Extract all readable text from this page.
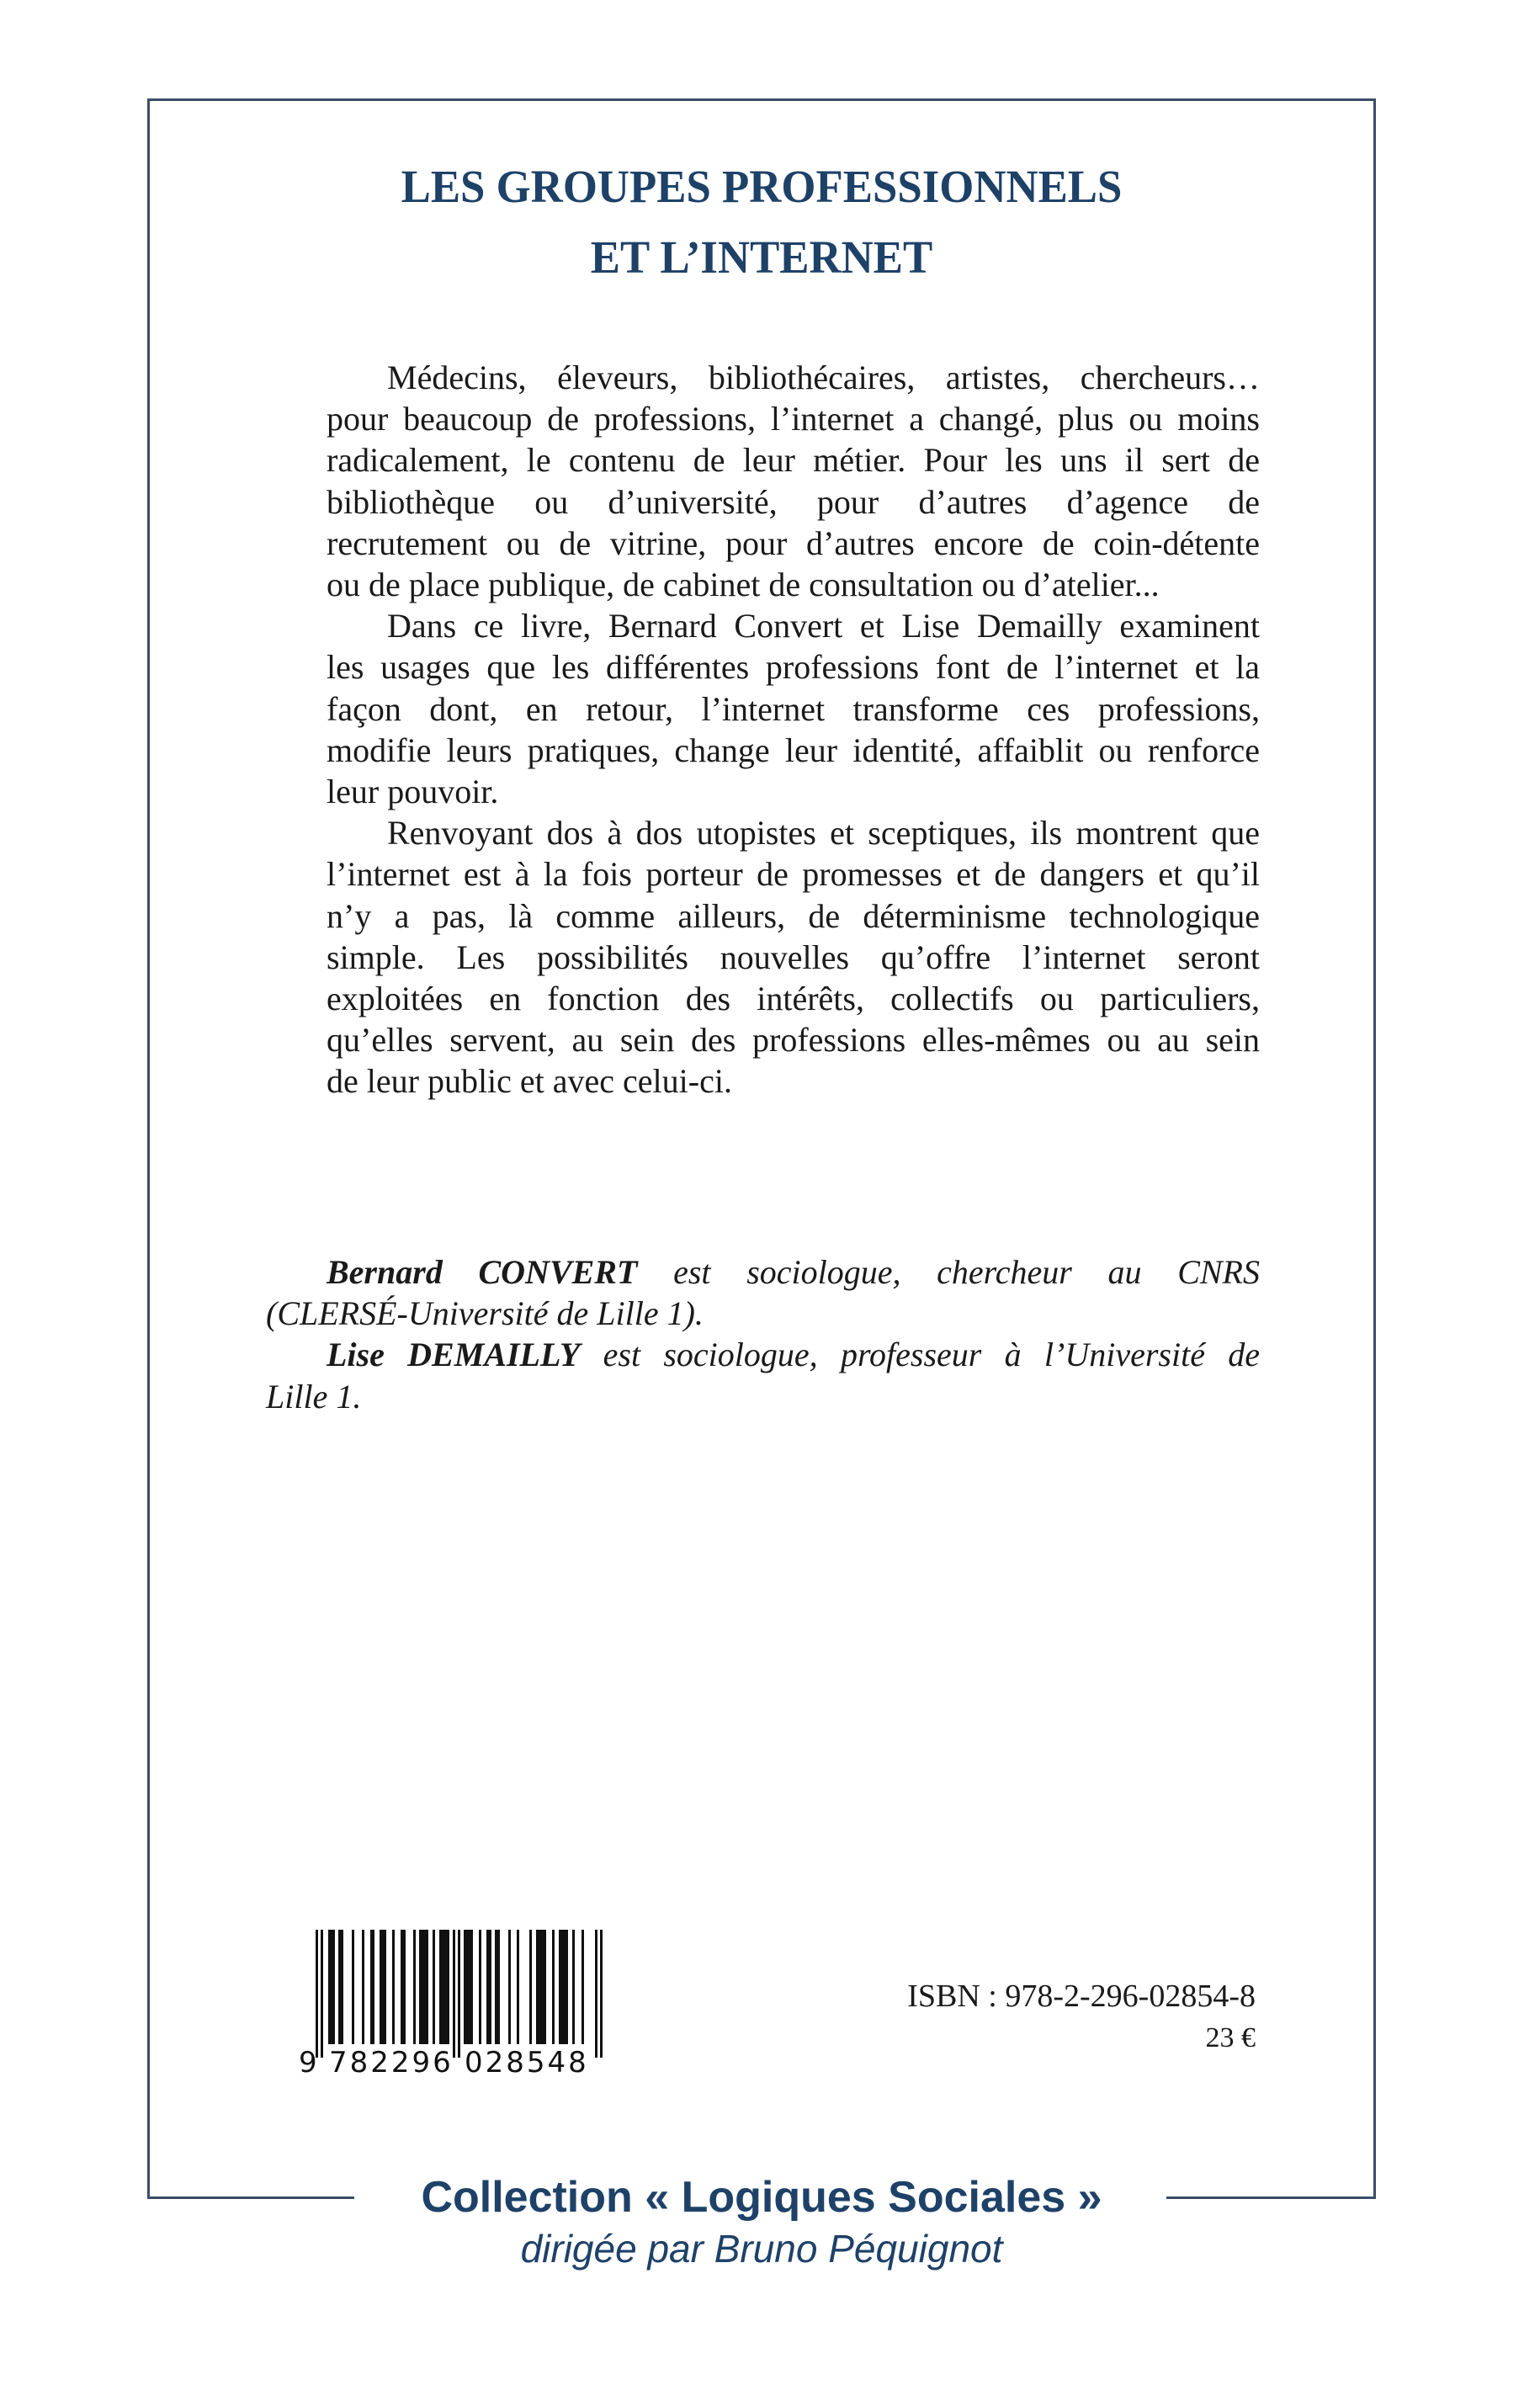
LES GROUPES PROFESSIONNELS
ET L’INTERNET
Médecins, éleveurs, bibliothécaires, artistes, chercheurs…
pour beaucoup de professions, l’internet a changé, plus ou moins
radicalement, le contenu de leur métier. Pour les uns il sert de
bibliothèque ou d’université, pour d’autres d’agence de
recrutement ou de vitrine, pour d’autres encore de coin-détente
ou de place publique, de cabinet de consultation ou d’atelier...
Dans ce livre, Bernard Convert et Lise Demailly examinent
les usages que les différentes professions font de l’internet et la
façon dont, en retour, l’internet transforme ces professions,
modifie leurs pratiques, change leur identité, affaiblit ou renforce
leur pouvoir.
Renvoyant dos à dos utopistes et sceptiques, ils montrent que
l’internet est à la fois porteur de promesses et de dangers et qu’il
n’y a pas, là comme ailleurs, de déterminisme technologique
simple. Les possibilités nouvelles qu’offre l’internet seront
exploitées en fonction des intérêts, collectifs ou particuliers,
qu’elles servent, au sein des professions elles-mêmes ou au sein
de leur public et avec celui-ci.
Bernard CONVERT est sociologue, chercheur au CNRS
(CLERSÉ-Université de Lille 1).
Lise DEMAILLY est sociologue, professeur à l’Université de
Lille 1.
9 782296 028548
ISBN : 978-2-296-02854-8
23 €
Collection « Logiques Sociales »
dirigée par Bruno Péquignot
